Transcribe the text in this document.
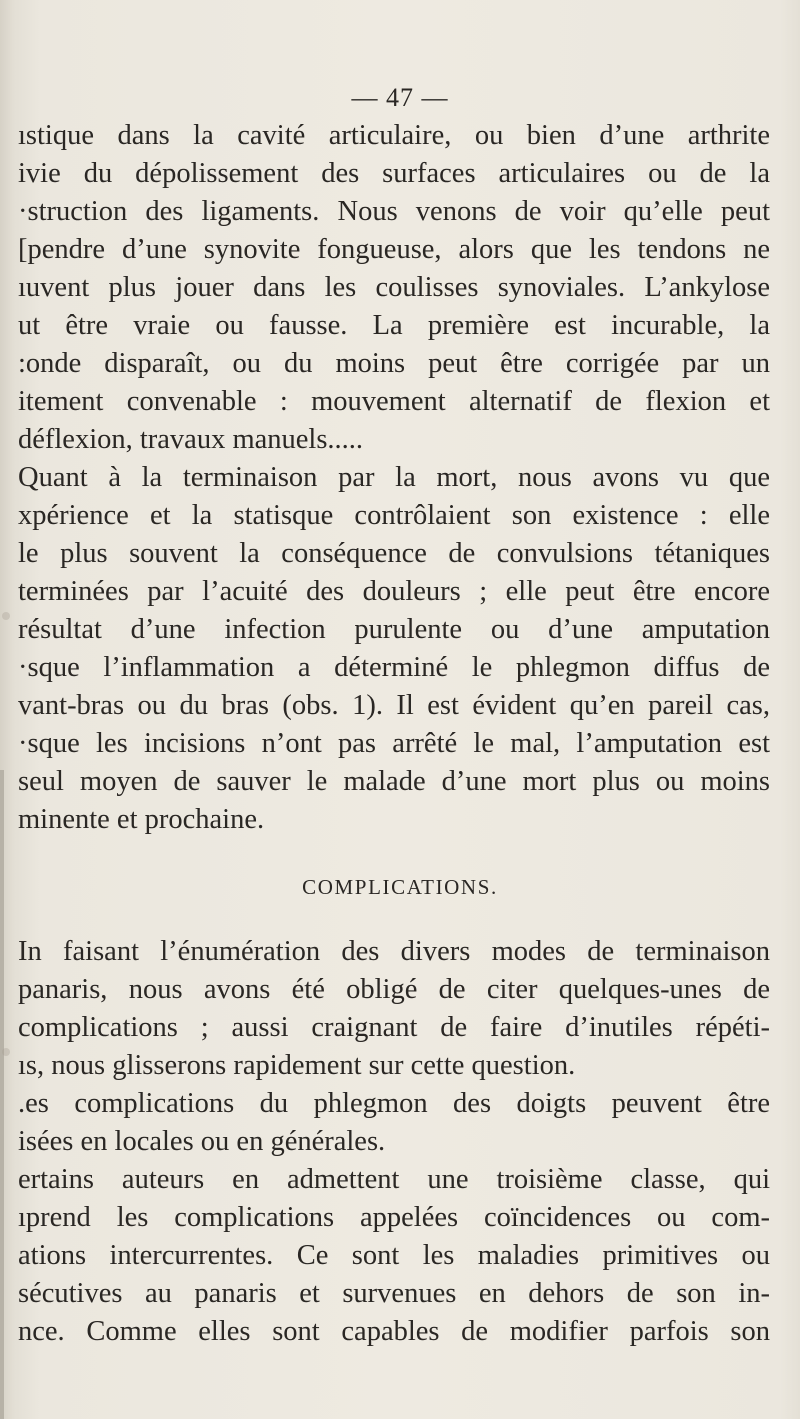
— 47 —
ıstique dans la cavité articulaire, ou bien d’une arthrite
ivie du dépolissement des surfaces articulaires ou de la
·struction des ligaments. Nous venons de voir qu’elle peut
[pendre d’une synovite fongueuse, alors que les tendons ne
ıuvent plus jouer dans les coulisses synoviales. L’ankylose
ut être vraie ou fausse. La première est incurable, la
:onde disparaît, ou du moins peut être corrigée par un
itement convenable : mouvement alternatif de flexion et
déflexion, travaux manuels.....
Quant à la terminaison par la mort, nous avons vu que
xpérience et la statisque contrôlaient son existence : elle
le plus souvent la conséquence de convulsions tétaniques
terminées par l’acuité des douleurs ; elle peut être encore
résultat d’une infection purulente ou d’une amputation
·sque l’inflammation a déterminé le phlegmon diffus de
vant-bras ou du bras (obs. 1). Il est évident qu’en pareil cas,
·sque les incisions n’ont pas arrêté le mal, l’amputation est
seul moyen de sauver le malade d’une mort plus ou moins
minente et prochaine.
COMPLICATIONS.
In faisant l’énumération des divers modes de terminaison
panaris, nous avons été obligé de citer quelques-unes de
complications ; aussi craignant de faire d’inutiles répéti-
ıs, nous glisserons rapidement sur cette question.
.es complications du phlegmon des doigts peuvent être
isées en locales ou en générales.
ertains auteurs en admettent une troisième classe, qui
ıprend les complications appelées coïncidences ou com-
ations intercurrentes. Ce sont les maladies primitives ou
sécutives au panaris et survenues en dehors de son in-
nce. Comme elles sont capables de modifier parfois son
